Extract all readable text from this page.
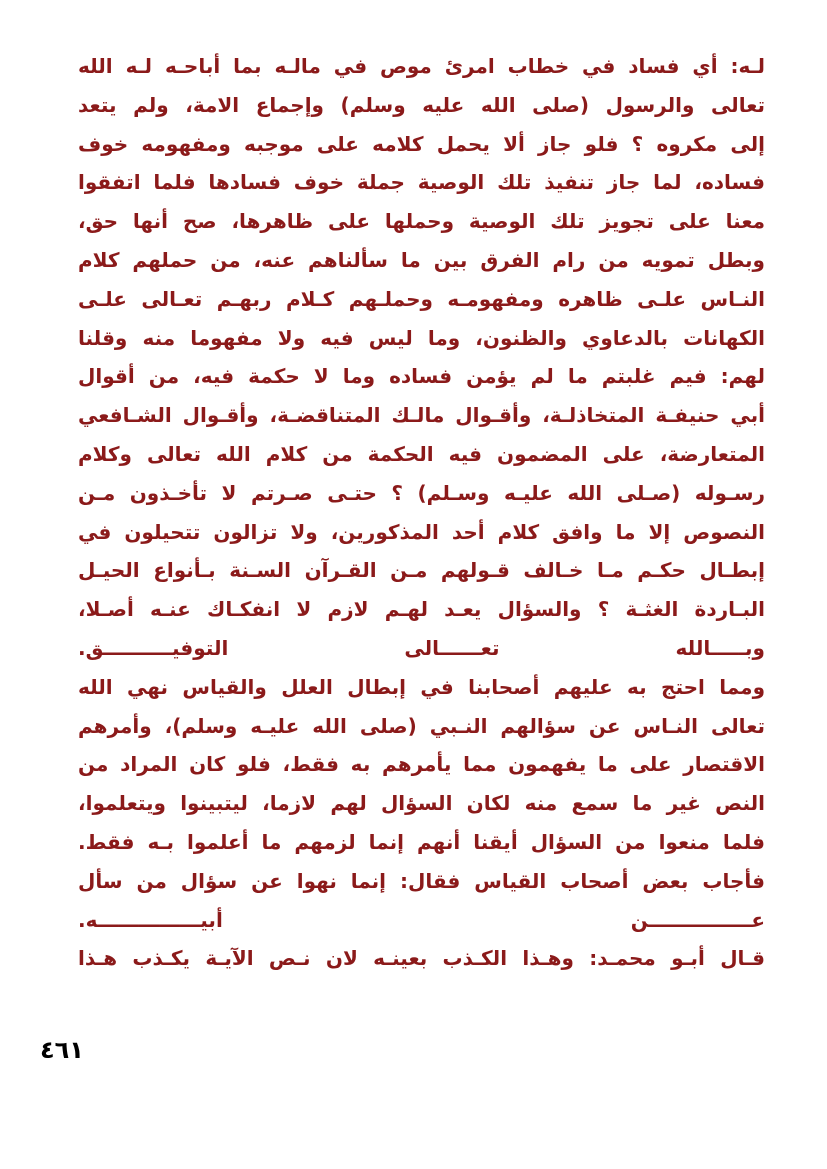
لـه: أي فساد في خطاب امرئ موص في مالـه بما أباحـه لـه الله
تعالى والرسول (صلى الله عليه وسلم) وإجماع الامة، ولم يتعد
إلى مكروه ؟ فلو جاز ألا يحمل كلامه على موجبه ومفهومه خوف
فساده، لما جاز تنفيذ تلك الوصية جملة خوف فسادها فلما اتفقوا
معنا على تجويز تلك الوصية وحملها على ظاهرها، صح أنها حق،
وبطل تمويه من رام الفرق بين ما سألناهم عنه، من حملهم كلام
النـاس علـى ظاهره ومفهومـه وحملـهم كـلام ربهـم تعـالى علـى
الكهانات بالدعاوي والظنون، وما ليس فيه ولا مفهوما منه وقلنا
لهم: فيم غلبتم ما لم يؤمن فساده وما لا حكمة فيه، من أقوال
أبي حنيفـة المتخاذلـة، وأقـوال مالـك المتناقضـة، وأقـوال الشـافعي
المتعارضة، على المضمون فيه الحكمة من كلام الله تعالى وكلام
رسـوله (صـلى الله عليـه وسـلم) ؟ حتـى صـرتم لا تأخـذون مـن
النصوص إلا ما وافق كلام أحد المذكورين، ولا تزالون تتحيلون في
إبطـال حكـم مـا خـالف قـولهم مـن القـرآن السـنة بـأنواع الحيـل
البـاردة الغثـة ؟ والسؤال يعـد لهـم لازم لا انفكـاك عنـه أصـلا،
وبـــــالله تعــــــالى التوفيــــــــــق.
ومما احتج به عليهم أصحابنا في إبطال العلل والقياس نهي الله
تعالى النـاس عن سؤالهم النـبي (صلى الله عليـه وسلم)، وأمرهم
الاقتصار على ما يفهمون مما يأمرهم به فقط، فلو كان المراد من
النص غير ما سمع منه لكان السؤال لهم لازما، ليتبينوا ويتعلموا،
فلما منعوا من السؤال أيقنا أنهم إنما لزمهم ما أعلموا بـه فقط.
فأجاب بعض أصحاب القياس فقال: إنما نهوا عن سؤال من سأل
عـــــــــــــــن أبيـــــــــــــــه.
قـال أبـو محمـد: وهـذا الكـذب بعينـه لان نـص الآيـة يكـذب هـذا
٤٦١
